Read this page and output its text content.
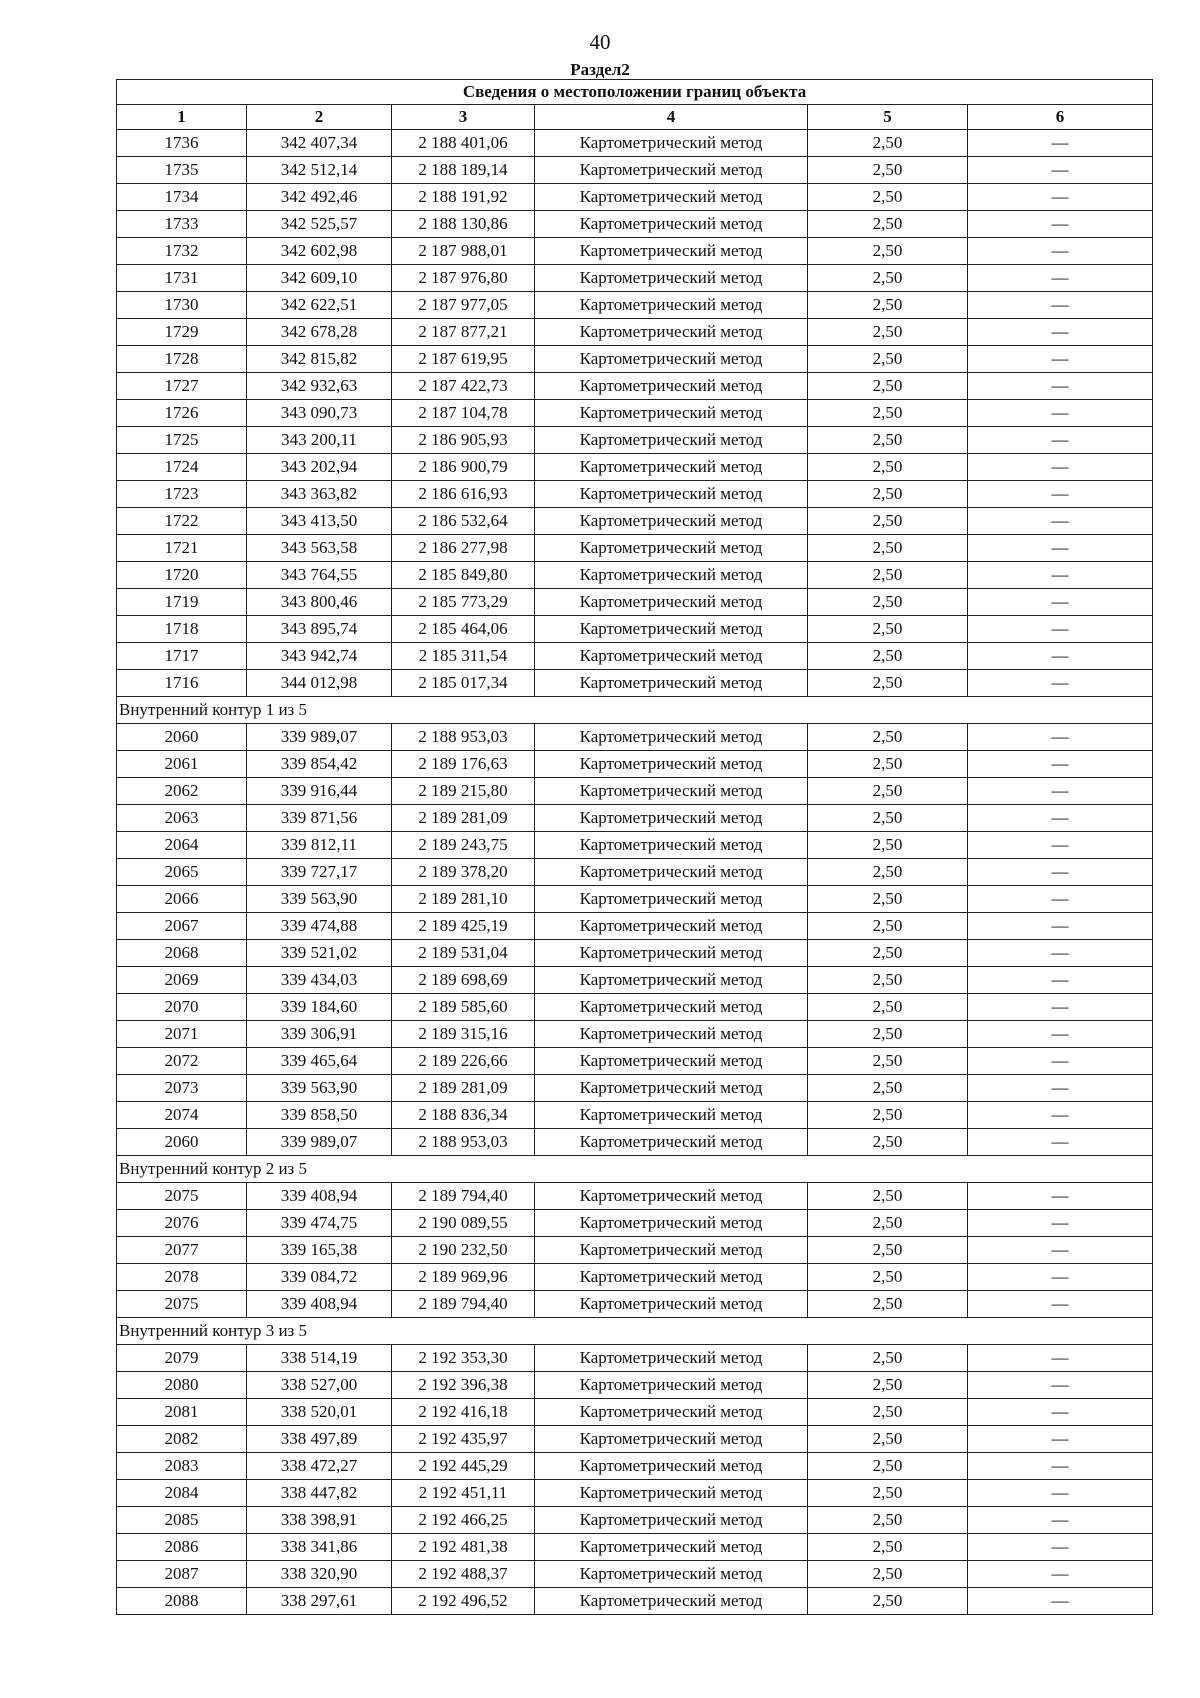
40
Раздел2
Сведения о местоположении границ объекта					
1	2	3	4	5	6
1736	342 407,34	2 188 401,06	Картометрический метод	2,50	—
1735	342 512,14	2 188 189,14	Картометрический метод	2,50	—
1734	342 492,46	2 188 191,92	Картометрический метод	2,50	—
1733	342 525,57	2 188 130,86	Картометрический метод	2,50	—
1732	342 602,98	2 187 988,01	Картометрический метод	2,50	—
1731	342 609,10	2 187 976,80	Картометрический метод	2,50	—
1730	342 622,51	2 187 977,05	Картометрический метод	2,50	—
1729	342 678,28	2 187 877,21	Картометрический метод	2,50	—
1728	342 815,82	2 187 619,95	Картометрический метод	2,50	—
1727	342 932,63	2 187 422,73	Картометрический метод	2,50	—
1726	343 090,73	2 187 104,78	Картометрический метод	2,50	—
1725	343 200,11	2 186 905,93	Картометрический метод	2,50	—
1724	343 202,94	2 186 900,79	Картометрический метод	2,50	—
1723	343 363,82	2 186 616,93	Картометрический метод	2,50	—
1722	343 413,50	2 186 532,64	Картометрический метод	2,50	—
1721	343 563,58	2 186 277,98	Картометрический метод	2,50	—
1720	343 764,55	2 185 849,80	Картометрический метод	2,50	—
1719	343 800,46	2 185 773,29	Картометрический метод	2,50	—
1718	343 895,74	2 185 464,06	Картометрический метод	2,50	—
1717	343 942,74	2 185 311,54	Картометрический метод	2,50	—
1716	344 012,98	2 185 017,34	Картометрический метод	2,50	—
Внутренний контур 1 из 5					
2060	339 989,07	2 188 953,03	Картометрический метод	2,50	—
2061	339 854,42	2 189 176,63	Картометрический метод	2,50	—
2062	339 916,44	2 189 215,80	Картометрический метод	2,50	—
2063	339 871,56	2 189 281,09	Картометрический метод	2,50	—
2064	339 812,11	2 189 243,75	Картометрический метод	2,50	—
2065	339 727,17	2 189 378,20	Картометрический метод	2,50	—
2066	339 563,90	2 189 281,10	Картометрический метод	2,50	—
2067	339 474,88	2 189 425,19	Картометрический метод	2,50	—
2068	339 521,02	2 189 531,04	Картометрический метод	2,50	—
2069	339 434,03	2 189 698,69	Картометрический метод	2,50	—
2070	339 184,60	2 189 585,60	Картометрический метод	2,50	—
2071	339 306,91	2 189 315,16	Картометрический метод	2,50	—
2072	339 465,64	2 189 226,66	Картометрический метод	2,50	—
2073	339 563,90	2 189 281,09	Картометрический метод	2,50	—
2074	339 858,50	2 188 836,34	Картометрический метод	2,50	—
2060	339 989,07	2 188 953,03	Картометрический метод	2,50	—
Внутренний контур 2 из 5					
2075	339 408,94	2 189 794,40	Картометрический метод	2,50	—
2076	339 474,75	2 190 089,55	Картометрический метод	2,50	—
2077	339 165,38	2 190 232,50	Картометрический метод	2,50	—
2078	339 084,72	2 189 969,96	Картометрический метод	2,50	—
2075	339 408,94	2 189 794,40	Картометрический метод	2,50	—
Внутренний контур 3 из 5					
2079	338 514,19	2 192 353,30	Картометрический метод	2,50	—
2080	338 527,00	2 192 396,38	Картометрический метод	2,50	—
2081	338 520,01	2 192 416,18	Картометрический метод	2,50	—
2082	338 497,89	2 192 435,97	Картометрический метод	2,50	—
2083	338 472,27	2 192 445,29	Картометрический метод	2,50	—
2084	338 447,82	2 192 451,11	Картометрический метод	2,50	—
2085	338 398,91	2 192 466,25	Картометрический метод	2,50	—
2086	338 341,86	2 192 481,38	Картометрический метод	2,50	—
2087	338 320,90	2 192 488,37	Картометрический метод	2,50	—
2088	338 297,61	2 192 496,52	Картометрический метод	2,50	—
